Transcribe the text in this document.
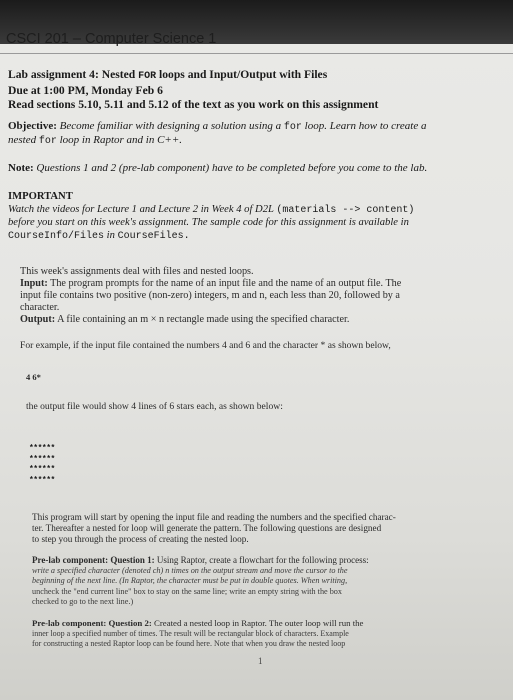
CSCI 201 – Computer Science 1
Lab assignment 4: Nested FOR loops and Input/Output with Files
Due at 1:00 PM, Monday Feb 6
Read sections 5.10, 5.11 and 5.12 of the text as you work on this assignment
Objective: Become familiar with designing a solution using a for loop. Learn how to create a
nested for loop in Raptor and in C++.
Note: Questions 1 and 2 (pre-lab component) have to be completed before you come to the lab.
IMPORTANT
Watch the videos for Lecture 1 and Lecture 2 in Week 4 of D2L (materials --> content)
before you start on this week's assignment. The sample code for this assignment is available in
CourseInfo/Files in CourseFiles.
This week's assignments deal with files and nested loops.
Input: The program prompts for the name of an input file and the name of an output file. The
input file contains two positive (non-zero) integers, m and n, each less than 20, followed by a
character.
Output: A file containing an m × n rectangle made using the specified character.
For example, if the input file contained the numbers 4 and 6 and the character * as shown below,
4 6*
the output file would show 4 lines of 6 stars each, as shown below:
******
******
******
******
This program will start by opening the input file and reading the numbers and the specified charac-
ter. Thereafter a nested for loop will generate the pattern. The following questions are designed
to step you through the process of creating the nested loop.
Pre-lab component: Question 1: Using Raptor, create a flowchart for the following process:
write a specified character (denoted ch) n times on the output stream and move the cursor to the
beginning of the next line. (In Raptor, the character must be put in double quotes. When writing,
uncheck the "end current line" box to stay on the same line; write an empty string with the box
checked to go to the next line.)
Pre-lab component: Question 2: Created a nested loop in Raptor. The outer loop will run the
inner loop a specified number of times. The result will be rectangular block of characters. Example
for constructing a nested Raptor loop can be found here. Note that when you draw the nested loop
1
